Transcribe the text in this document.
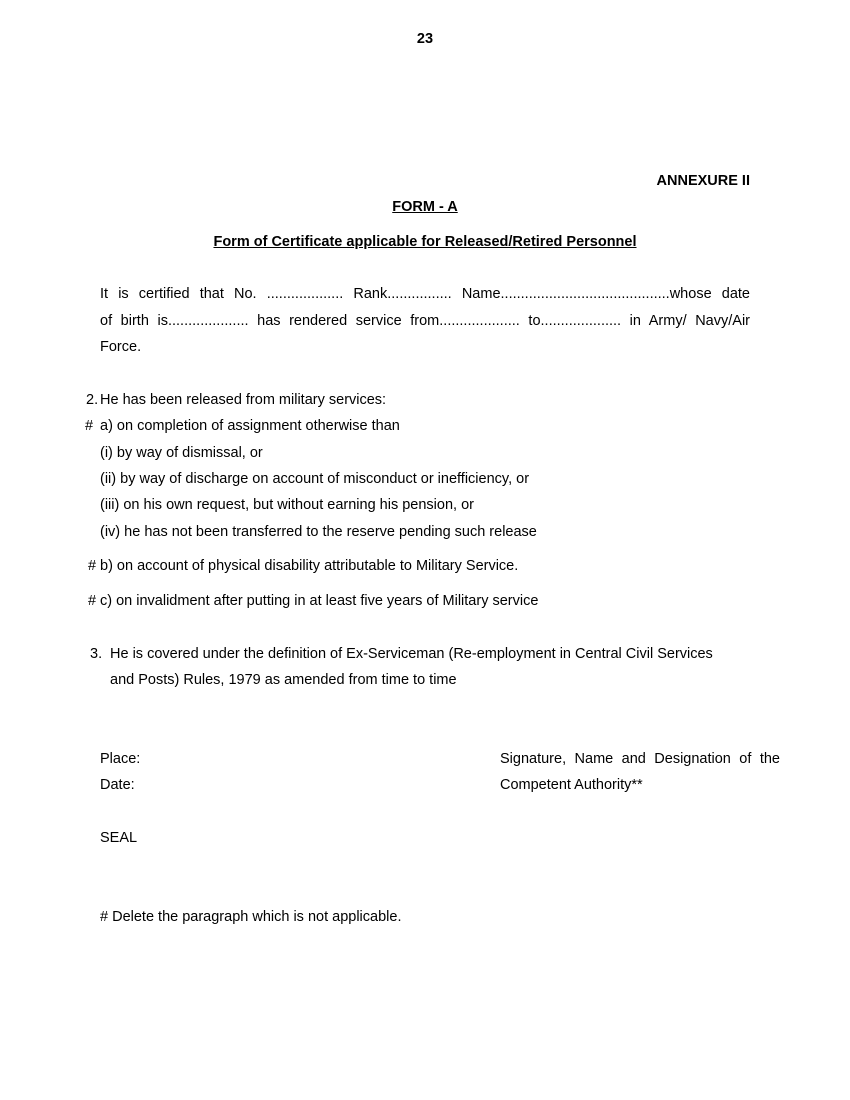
23
ANNEXURE II
FORM - A
Form of Certificate applicable for Released/Retired Personnel
It is certified that No. ................... Rank................ Name..........................................whose date
of birth is.................... has rendered service from.................... to.................... in Army/ Navy/Air
Force.
2. He has been released from military services:
# a) on completion of assignment otherwise than
(i) by way of dismissal, or
(ii) by way of discharge on account of misconduct or inefficiency, or
(iii) on his own request, but without earning his pension, or
(iv) he has not been transferred to the reserve pending such release
# b) on account of physical disability attributable to Military Service.
# c) on invalidment after putting in at least five years of Military service
3. He is covered under the definition of Ex-Serviceman (Re-employment in Central Civil Services
and Posts) Rules, 1979 as amended from time to time
Place:
Date:
Signature, Name and Designation of the
Competent Authority**
SEAL
# Delete the paragraph which is not applicable.
